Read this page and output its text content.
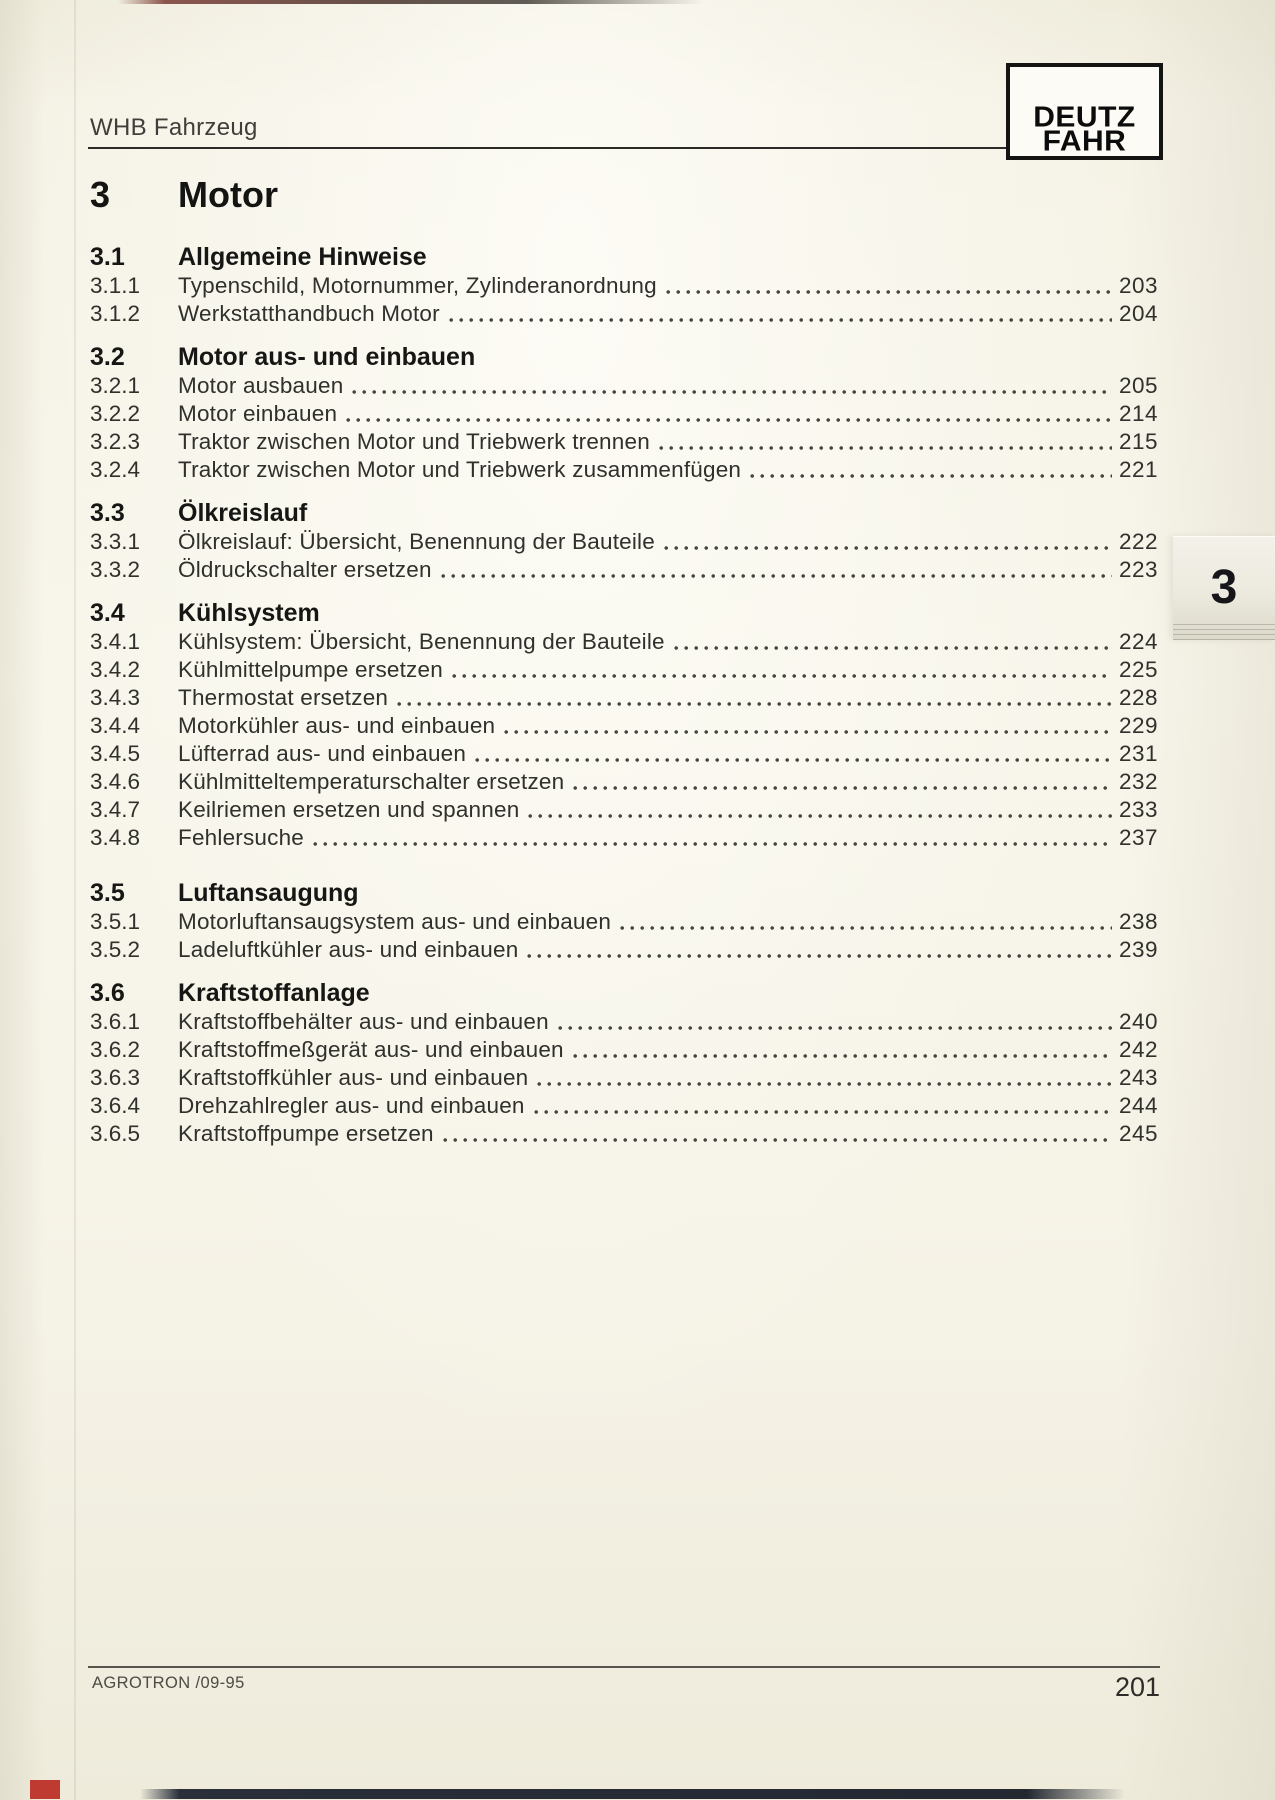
WHB Fahrzeug	DEUTZ
FAHR
3	Motor
3.1	Allgemeine Hinweise
3.1.1	Typenschild, Motornummer, Zylinderanordnung	203
3.1.2	Werkstatthandbuch Motor	204
3.2	Motor aus- und einbauen
3.2.1	Motor ausbauen	205
3.2.2	Motor einbauen	214
3.2.3	Traktor zwischen Motor und Triebwerk trennen	215
3.2.4	Traktor zwischen Motor und Triebwerk zusammenfügen	221
3.3	Ölkreislauf
3.3.1	Ölkreislauf: Übersicht, Benennung der Bauteile	222
3.3.2	Öldruckschalter ersetzen	223
3.4	Kühlsystem
3.4.1	Kühlsystem: Übersicht, Benennung der Bauteile	224
3.4.2	Kühlmittelpumpe ersetzen	225
3.4.3	Thermostat ersetzen	228
3.4.4	Motorkühler aus- und einbauen	229
3.4.5	Lüfterrad aus- und einbauen	231
3.4.6	Kühlmitteltemperaturschalter ersetzen	232
3.4.7	Keilriemen ersetzen und spannen	233
3.4.8	Fehlersuche	237
3.5	Luftansaugung
3.5.1	Motorluftansaugsystem aus- und einbauen	238
3.5.2	Ladeluftkühler aus- und einbauen	239
3.6	Kraftstoffanlage
3.6.1	Kraftstoffbehälter aus- und einbauen	240
3.6.2	Kraftstoffmeßgerät aus- und einbauen	242
3.6.3	Kraftstoffkühler aus- und einbauen	243
3.6.4	Drehzahlregler aus- und einbauen	244
3.6.5	Kraftstoffpumpe ersetzen	245
3
AGROTRON /09-95	201
